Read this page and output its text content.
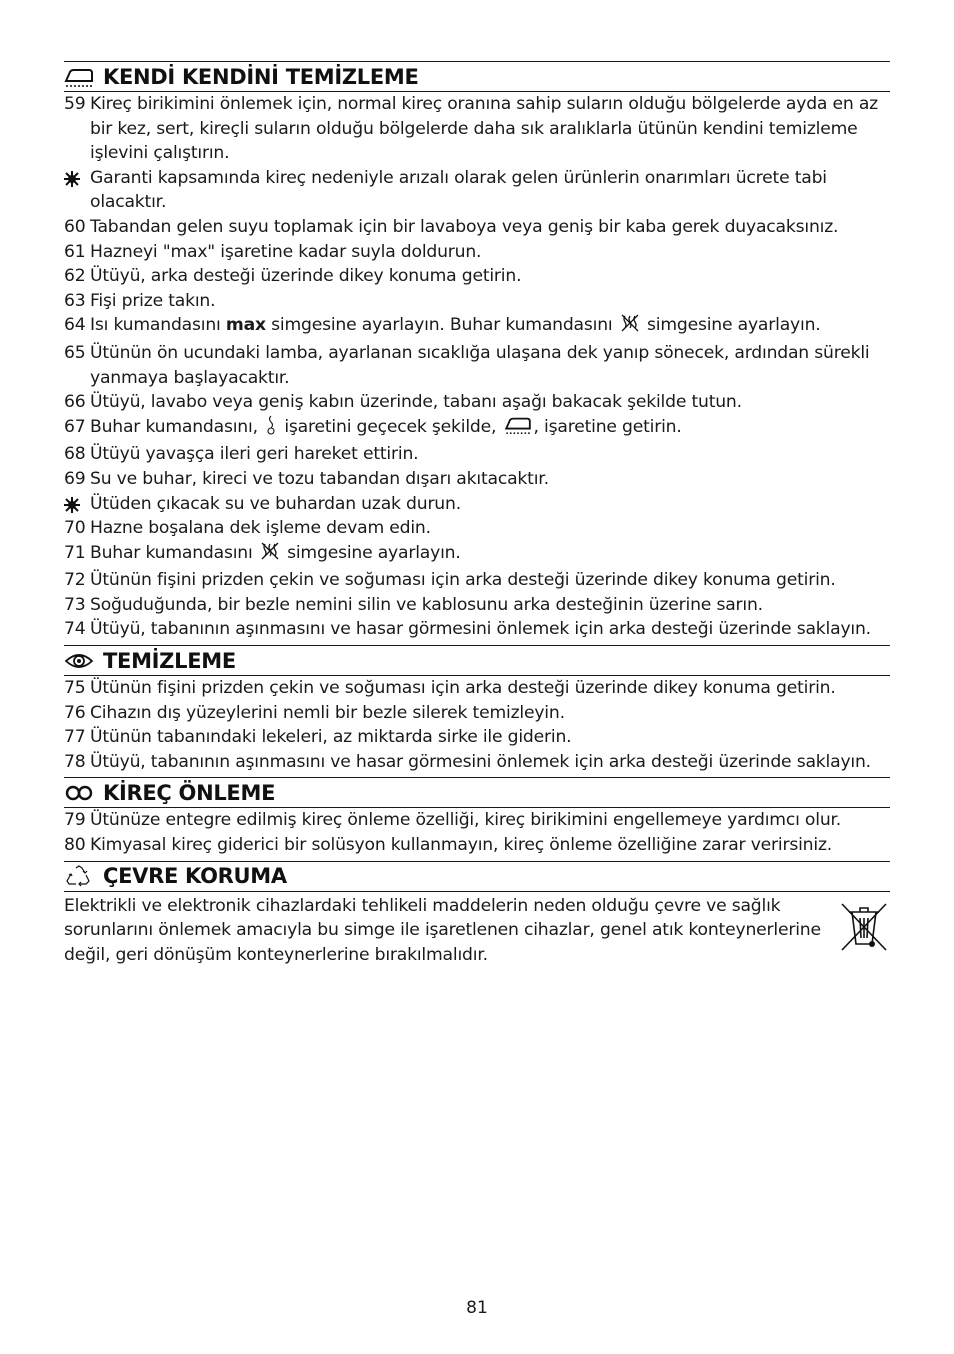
KENDİ KENDİNİ TEMİZLEME
59 Kireç birikimini önlemek için, normal kireç oranına sahip suların olduğu bölgelerde ayda en az bir kez, sert, kireçli suların olduğu bölgelerde daha sık aralıklarla ütünün kendini temizleme işlevini çalıştırın.
Garanti kapsamında kireç nedeniyle arızalı olarak gelen ürünlerin onarımları ücrete tabi olacaktır.
60 Tabandan gelen suyu toplamak için bir lavaboya veya geniş bir kaba gerek duyacaksınız.
61 Hazneyi "max" işaretine kadar suyla doldurun.
62 Ütüyü, arka desteği üzerinde dikey konuma getirin.
63 Fişi prize takın.
64 Isı kumandasını max simgesine ayarlayın. Buhar kumandasını  simgesine ayarlayın.
65 Ütünün ön ucundaki lamba, ayarlanan sıcaklığa ulaşana dek yanıp sönecek, ardından sürekli yanmaya başlayacaktır.
66 Ütüyü, lavabo veya geniş kabın üzerinde, tabanı aşağı bakacak şekilde tutun.
67 Buhar kumandasını,  işaretini geçecek şekilde, , işaretine getirin.
68 Ütüyü yavaşça ileri geri hareket ettirin.
69 Su ve buhar, kireci ve tozu tabandan dışarı akıtacaktır.
Ütüden çıkacak su ve buhardan uzak durun.
70 Hazne boşalana dek işleme devam edin.
71 Buhar kumandasını  simgesine ayarlayın.
72 Ütünün fişini prizden çekin ve soğuması için arka desteği üzerinde dikey konuma getirin.
73 Soğuduğunda, bir bezle nemini silin ve kablosunu arka desteğinin üzerine sarın.
74 Ütüyü, tabanının aşınmasını ve hasar görmesini önlemek için arka desteği üzerinde saklayın.
TEMİZLEME
75 Ütünün fişini prizden çekin ve soğuması için arka desteği üzerinde dikey konuma getirin.
76 Cihazın dış yüzeylerini nemli bir bezle silerek temizleyin.
77 Ütünün tabanındaki lekeleri, az miktarda sirke ile giderin.
78 Ütüyü, tabanının aşınmasını ve hasar görmesini önlemek için arka desteği üzerinde saklayın.
KİREÇ ÖNLEME
79 Ütünüze entegre edilmiş kireç önleme özelliği, kireç birikimini engellemeye yardımcı olur.
80 Kimyasal kireç giderici bir solüsyon kullanmayın, kireç önleme özelliğine zarar verirsiniz.
ÇEVRE KORUMA
Elektrikli ve elektronik cihazlardaki tehlikeli maddelerin neden olduğu çevre ve sağlık sorunlarını önlemek amacıyla bu simge ile işaretlenen cihazlar, genel atık konteynerlerine değil, geri dönüşüm konteynerlerine bırakılmalıdır.
81
